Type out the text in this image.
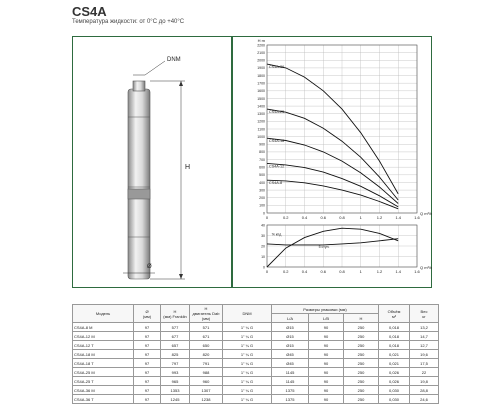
CS4A
Температура жидкости: от 0°C до +40°C
DNM
H
Ø
0	0.2	0.4	0.6	0.8	1	1.2	1.4	1.6
0
100
200
300
400
500
600
700
800
900
1000
1100
1200
1300
1400
1500
1600
1700
1800
1900
2000
2100
2200
Q m³/h
H m
CS4A-36
CS4A-25
CS4A-18
CS4A-12
CS4A-8
0	0.2	0.4	0.6	0.8	1	1.2	1.4	1.6
0
10
20
30
40
Q m³/h
% кпд
5 ступ.
Модель	Ø
(мм)	H
(мм) Franklin	H
двигатель Dab (мм)	DNM	Размеры упаковки (мм)			Объём
м³	Вес
кг
					L/A	L/B	H		
CS4A-8 M	97	577	571	1" ¼ G	Ø15	90	250	0,018	13,2
CS4A-12 M	97	677	671	1" ¼ G	Ø15	90	250	0,018	14,7
CS4A-12 T	97	657	650	1" ¼ G	Ø15	90	250	0,018	12,7
CS4A-18 M	97	825	820	1" ¼ G	Ø45	90	250	0,021	19,6
CS4A-18 T	97	797	791	1" ¼ G	Ø45	90	250	0,021	17,5
CS4A-25 M	97	993	988	1" ¼ G	1145	90	250	0,026	22
CS4A-25 T	97	965	960	1" ¼ G	1145	90	250	0,026	19,8
CS4A-36 M	97	1353	1307	1" ¼ G	1375	90	250	0,030	28,8
CS4A-36 T	97	1245	1238	1" ¼ G	1375	90	250	0,030	24,6
